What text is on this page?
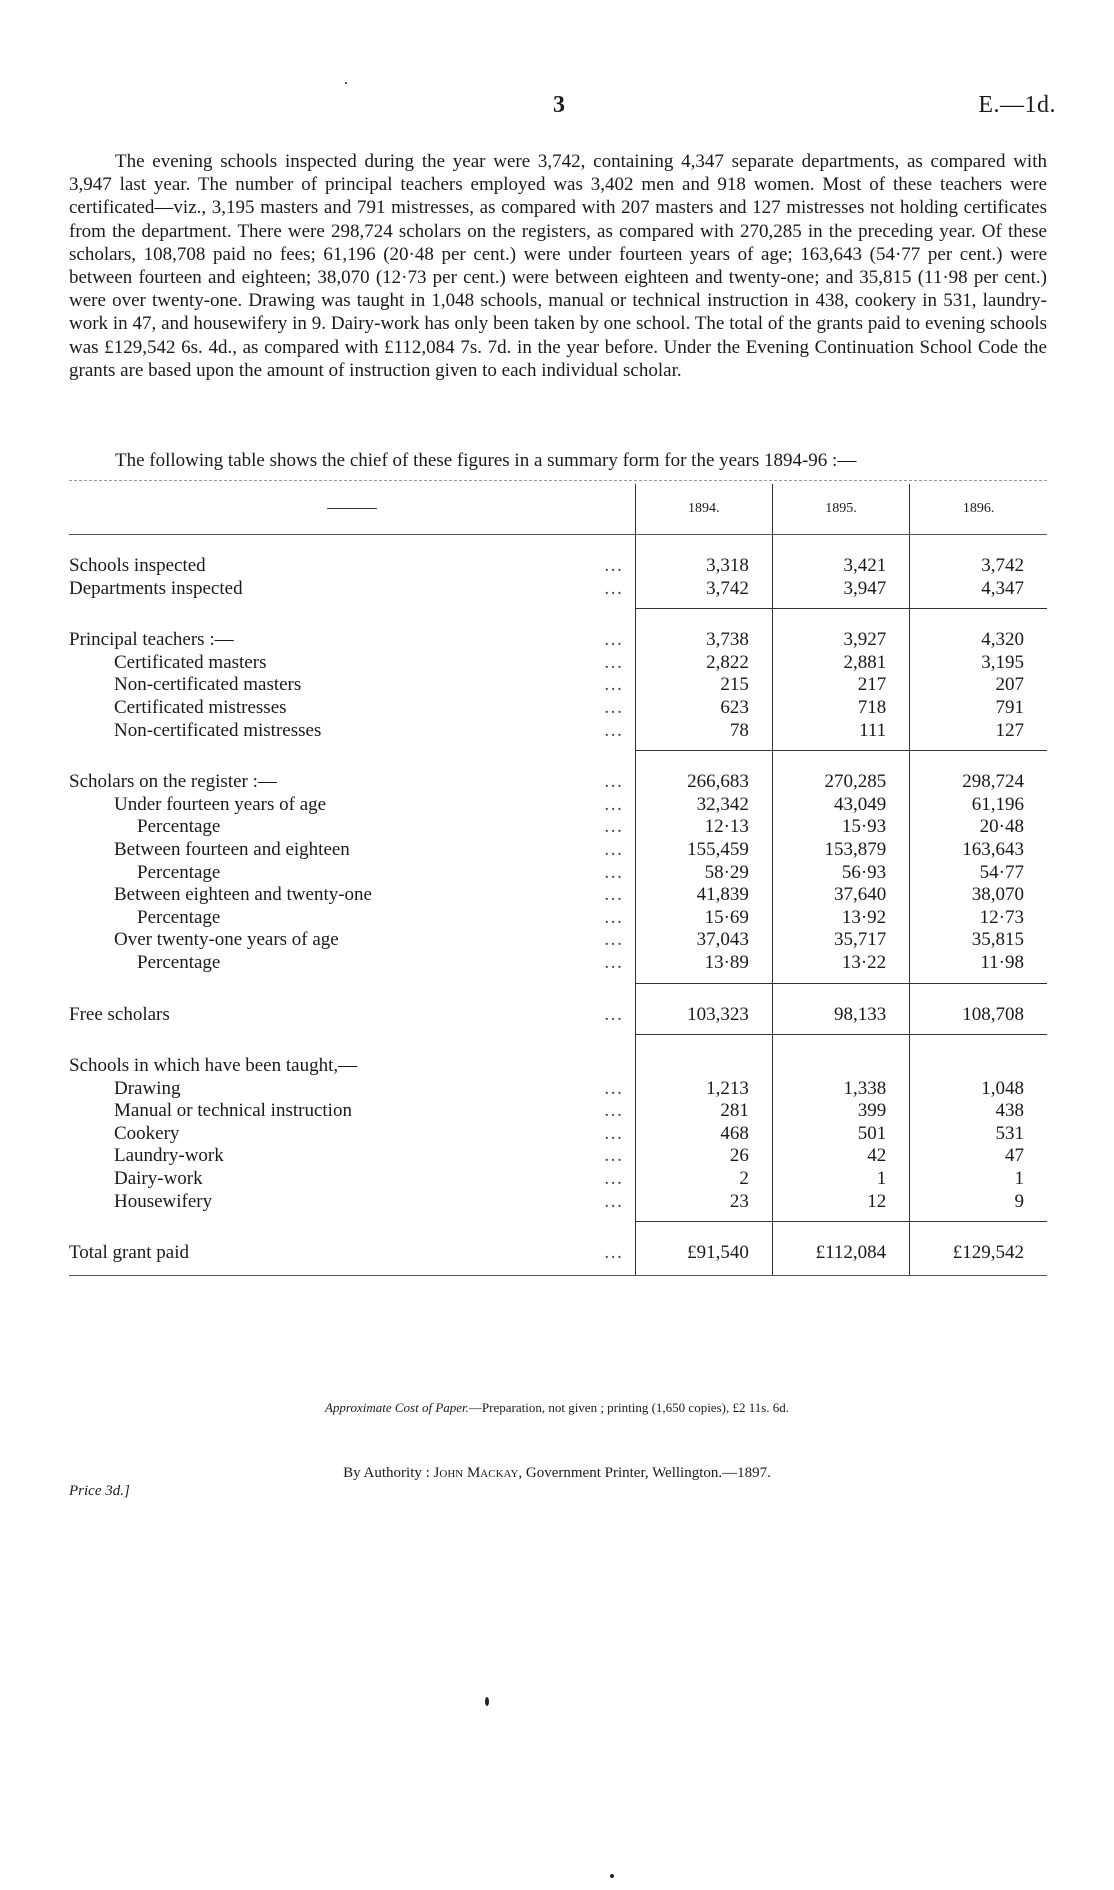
3	E.—1d.

The evening schools inspected during the year were 3,742, containing 4,347 separate departments, as compared with 3,947 last year. The number of principal teachers employed was 3,402 men and 918 women. Most of these teachers were certificated—viz., 3,195 masters and 791 mistresses, as compared with 207 masters and 127 mistresses not holding certificates from the department. There were 298,724 scholars on the registers, as compared with 270,285 in the preceding year. Of these scholars, 108,708 paid no fees; 61,196 (20·48 per cent.) were under fourteen years of age; 163,643 (54·77 per cent.) were between fourteen and eighteen; 38,070 (12·73 per cent.) were between eighteen and twenty-one; and 35,815 (11·98 per cent.) were over twenty-one. Drawing was taught in 1,048 schools, manual or technical instruction in 438, cookery in 531, laundry-work in 47, and housewifery in 9. Dairy-work has only been taken by one school. The total of the grants paid to evening schools was £129,542 6s. 4d., as compared with £112,084 7s. 7d. in the year before. Under the Evening Continuation School Code the grants are based upon the amount of instruction given to each individual scholar.

The following table shows the chief of these figures in a summary form for the years 1894-96 :—
	1894.	1895.	1896.

Schools inspected …	3,318	3,421	3,742

Departments inspected …	3,742	3,947	4,347

Principal teachers :— …	3,738	3,927	4,320

Certificated masters …	2,822	2,881	3,195

Non-certificated masters …	215	217	207

Certificated mistresses …	623	718	791

Non-certificated mistresses …	78	111	127

Scholars on the register :— …	266,683	270,285	298,724

Under fourteen years of age …	32,342	43,049	61,196

Percentage …	12·13	15·93	20·48

Between fourteen and eighteen …	155,459	153,879	163,643

Percentage …	58·29	56·93	54·77

Between eighteen and twenty-one …	41,839	37,640	38,070

Percentage …	15·69	13·92	12·73

Over twenty-one years of age …	37,043	35,717	35,815

Percentage …	13·89	13·22	11·98

Free scholars …	103,323	98,133	108,708

Schools in which have been taught,—			

Drawing …	1,213	1,338	1,048

Manual or technical instruction …	281	399	438

Cookery …	468	501	531

Laundry-work …	26	42	47

Dairy-work …	2	1	1

Housewifery …	23	12	9

Total grant paid …	£91,540	£112,084	£129,542

Approximate Cost of Paper.—Preparation, not given ; printing (1,650 copies), £2 11s. 6d.
By Authority : John Mackay, Government Printer, Wellington.—1897.
Price 3d.]
